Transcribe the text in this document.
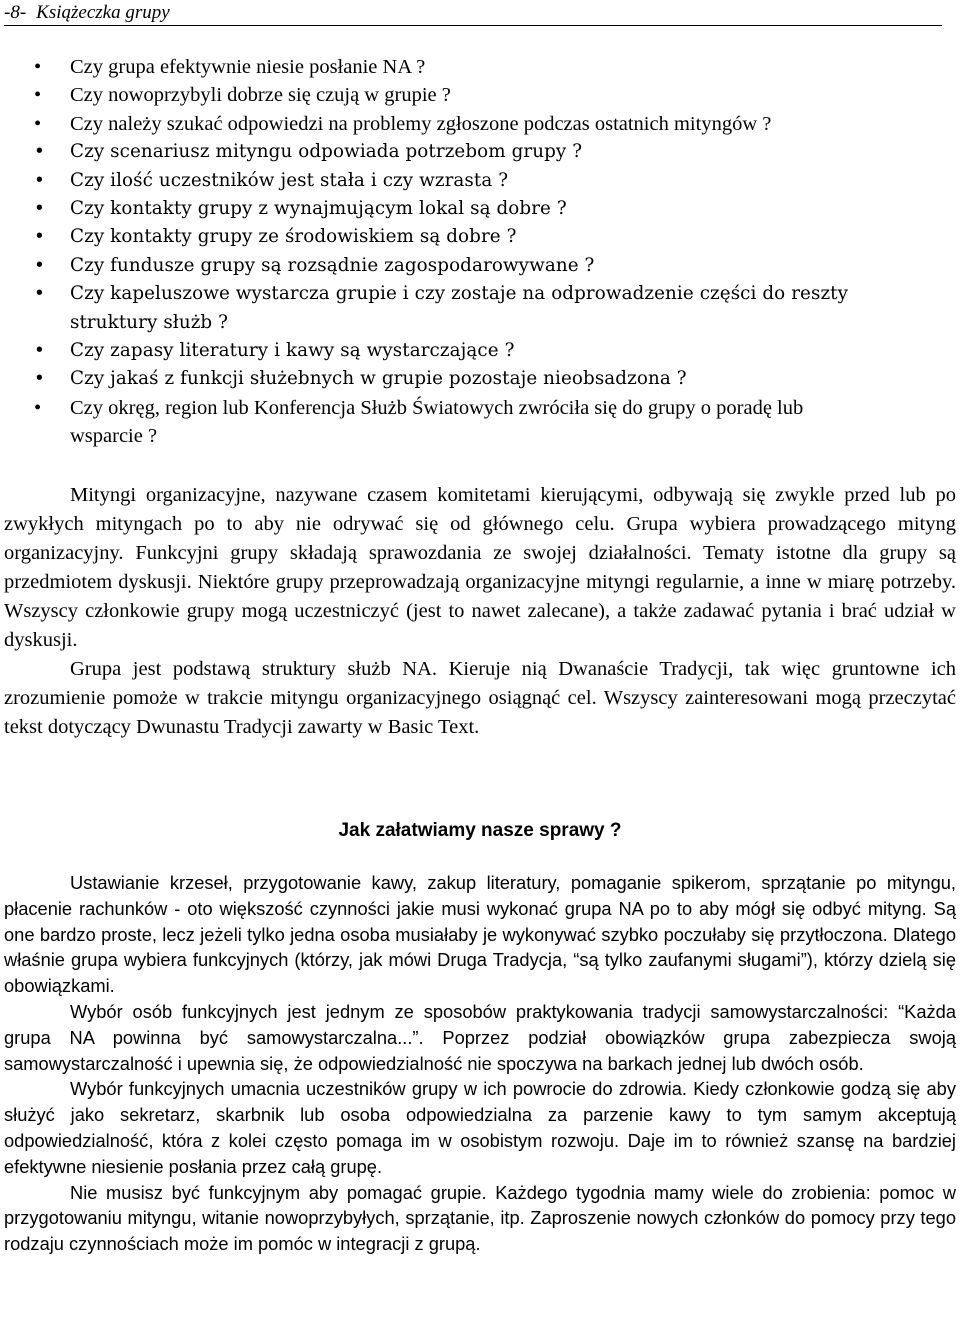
-8- Książeczka grupy
• Czy grupa efektywnie niesie posłanie NA ?
• Czy nowoprzybyli dobrze się czują w grupie ?
• Czy należy szukać odpowiedzi na problemy zgłoszone podczas ostatnich mityngów ?
• Czy scenariusz mityngu odpowiada potrzebom grupy ?
• Czy ilość uczestników jest stała i czy wzrasta ?
• Czy kontakty grupy z wynajmującym lokal są dobre ?
• Czy kontakty grupy ze środowiskiem są dobre ?
• Czy fundusze grupy są rozsądnie zagospodarowywane ?
• Czy kapeluszowe wystarcza grupie i czy zostaje na odprowadzenie części do reszty struktury służb ?
• Czy zapasy literatury i kawy są wystarczające ?
• Czy jakaś z funkcji służebnych w grupie pozostaje nieobsadzona ?
• Czy okręg, region lub Konferencja Służb Światowych zwróciła się do grupy o poradę lub wsparcie ?

Mityngi organizacyjne, nazywane czasem komitetami kierującymi, odbywają się zwykle przed lub po zwykłych mityngach po to aby nie odrywać się od głównego celu. Grupa wybiera prowadzącego mityng organizacyjny. Funkcyjni grupy składają sprawozdania ze swojej działalności. Tematy istotne dla grupy są przedmiotem dyskusji. Niektóre grupy przeprowadzają organizacyjne mityngi regularnie, a inne w miarę potrzeby. Wszyscy członkowie grupy mogą uczestniczyć (jest to nawet zalecane), a także zadawać pytania i brać udział w dyskusji.

Grupa jest podstawą struktury służb NA. Kieruje nią Dwanaście Tradycji, tak więc gruntowne ich zrozumienie pomoże w trakcie mityngu organizacyjnego osiągnąć cel. Wszyscy zainteresowani mogą przeczytać tekst dotyczący Dwunastu Tradycji zawarty w Basic Text.

Jak załatwiamy nasze sprawy ?

Ustawianie krzeseł, przygotowanie kawy, zakup literatury, pomaganie spikerom, sprzątanie po mityngu, płacenie rachunków - oto większość czynności jakie musi wykonać grupa NA po to aby mógł się odbyć mityng. Są one bardzo proste, lecz jeżeli tylko jedna osoba musiałaby je wykonywać szybko poczułaby się przytłoczona. Dlatego właśnie grupa wybiera funkcyjnych (którzy, jak mówi Druga Tradycja, “są tylko zaufanymi sługami”), którzy dzielą się obowiązkami.

Wybór osób funkcyjnych jest jednym ze sposobów praktykowania tradycji samowystarczalności: “Każda grupa NA powinna być samowystarczalna...”. Poprzez podział obowiązków grupa zabezpiecza swoją samowystarczalność i upewnia się, że odpowiedzialność nie spoczywa na barkach jednej lub dwóch osób.

Wybór funkcyjnych umacnia uczestników grupy w ich powrocie do zdrowia. Kiedy członkowie godzą się aby służyć jako sekretarz, skarbnik lub osoba odpowiedzialna za parzenie kawy to tym samym akceptują odpowiedzialność, która z kolei często pomaga im w osobistym rozwoju. Daje im to również szansę na bardziej efektywne niesienie posłania przez całą grupę.

Nie musisz być funkcyjnym aby pomagać grupie. Każdego tygodnia mamy wiele do zrobienia: pomoc w przygotowaniu mityngu, witanie nowoprzybyłych, sprzątanie, itp. Zaproszenie nowych członków do pomocy przy tego rodzaju czynnościach może im pomóc w integracji z grupą.
